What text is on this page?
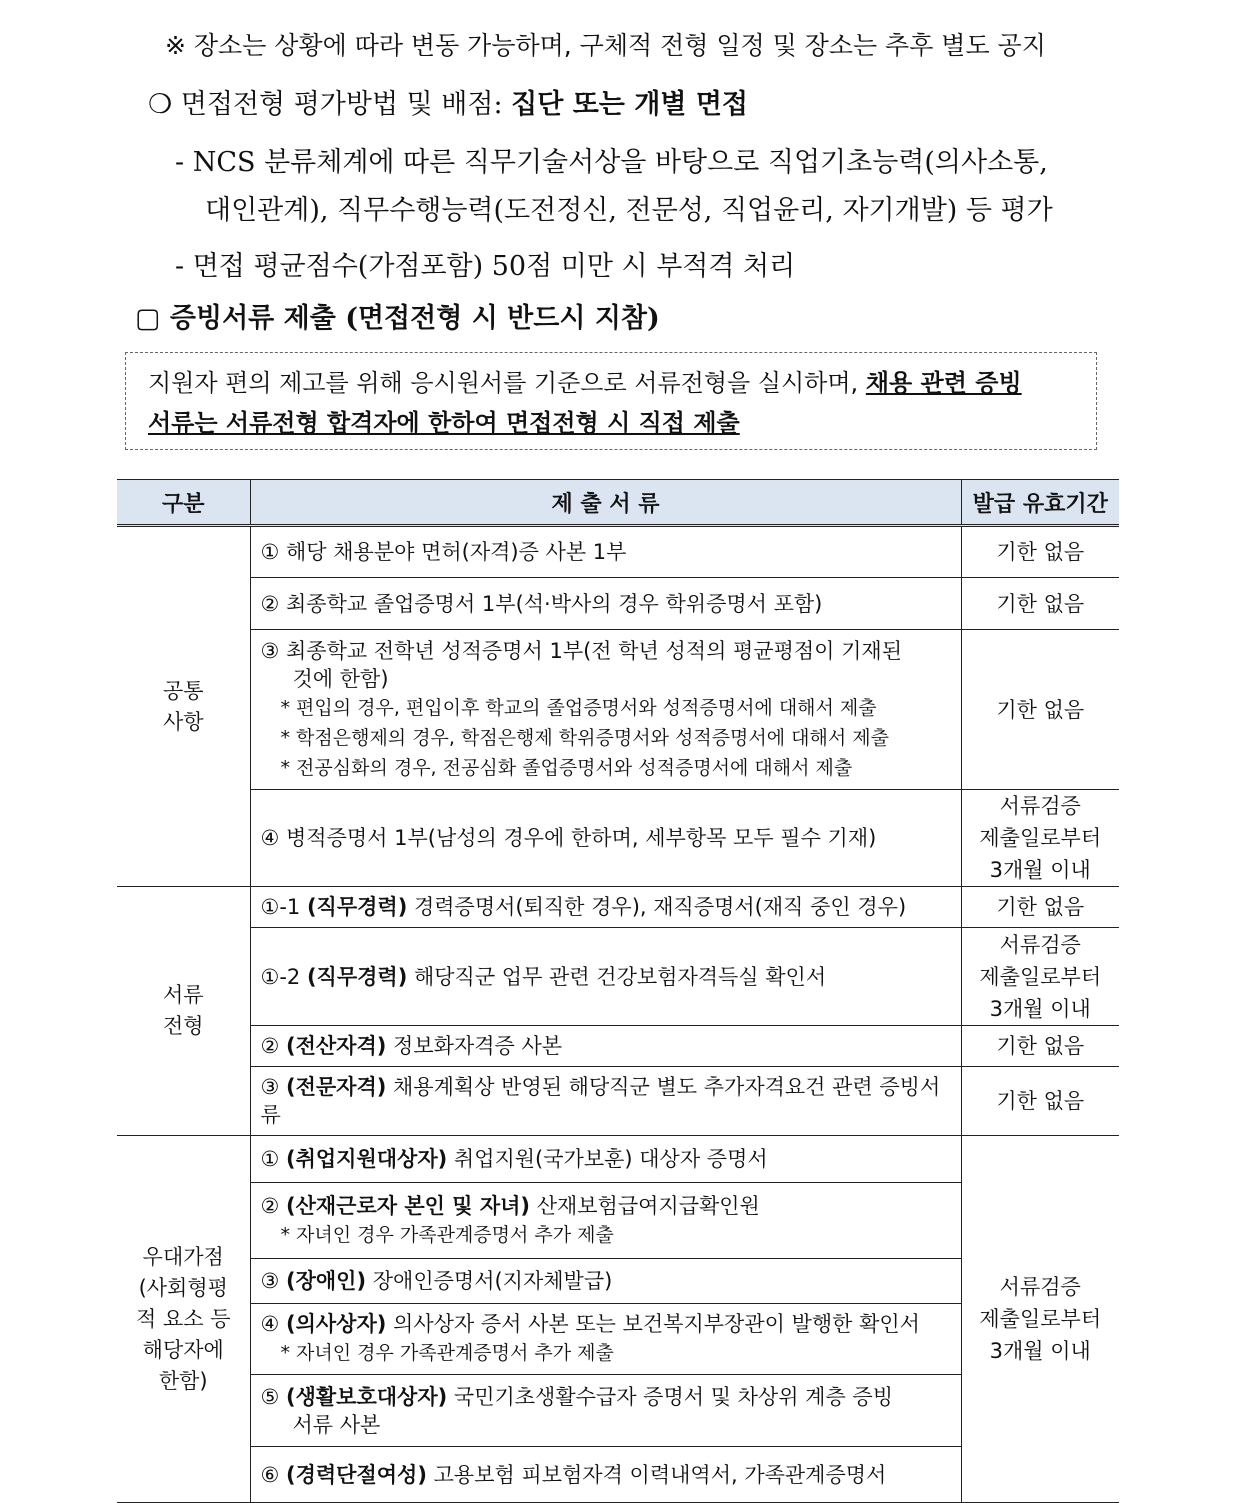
※ 장소는 상황에 따라 변동 가능하며, 구체적 전형 일정 및 장소는 추후 별도 공지
❍ 면접전형 평가방법 및 배점: 집단 또는 개별 면접
- NCS 분류체계에 따른 직무기술서상을 바탕으로 직업기초능력(의사소통,
대인관계), 직무수행능력(도전정신, 전문성, 직업윤리, 자기개발) 등 평가
- 면접 평균점수(가점포함) 50점 미만 시 부적격 처리
▢ 증빙서류 제출 (면접전형 시 반드시 지참)
지원자 편의 제고를 위해 응시원서를 기준으로 서류전형을 실시하며, 채용 관련 증빙
서류는 서류전형 합격자에 한하여 면접전형 시 직접 제출
구분	제 출 서 류	발급 유효기간
공통
사항	① 해당 채용분야 면허(자격)증 사본 1부	기한 없음
	② 최종학교 졸업증명서 1부(석·박사의 경우 학위증명서 포함)	기한 없음
	③ 최종학교 전학년 성적증명서 1부(전 학년 성적의 평균평점이 기재된

것에 한함)
* 편입의 경우, 편입이후 학교의 졸업증명서와 성적증명서에 대해서 제출
* 학점은행제의 경우, 학점은행제 학위증명서와 성적증명서에 대해서 제출
* 전공심화의 경우, 전공심화 졸업증명서와 성적증명서에 대해서 제출	기한 없음
	④ 병적증명서 1부(남성의 경우에 한하며, 세부항목 모두 필수 기재)	서류검증
제출일로부터
3개월 이내
서류
전형	①-1 (직무경력) 경력증명서(퇴직한 경우), 재직증명서(재직 중인 경우)	기한 없음
	①-2 (직무경력) 해당직군 업무 관련 건강보험자격득실 확인서	서류검증
제출일로부터
3개월 이내
	② (전산자격) 정보화자격증 사본	기한 없음
	③ (전문자격) 채용계획상 반영된 해당직군 별도 추가자격요건 관련 증빙서류	기한 없음
우대가점
(사회형평
적 요소 등
해당자에
한함)	① (취업지원대상자) 취업지원(국가보훈) 대상자 증명서	서류검증
제출일로부터
3개월 이내
	② (산재근로자 본인 및 자녀) 산재보험급여지급확인원
* 자녀인 경우 가족관계증명서 추가 제출	

	③ (장애인) 장애인증명서(지자체발급)	
	④ (의사상자) 의사상자 증서 사본 또는 보건복지부장관이 발행한 확인서
* 자녀인 경우 가족관계증명서 추가 제출	

	⑤ (생활보호대상자) 국민기초생활수급자 증명서 및 차상위 계층 증빙

서류 사본	

	⑥ (경력단절여성) 고용보험 피보험자격 이력내역서, 가족관계증명서	
